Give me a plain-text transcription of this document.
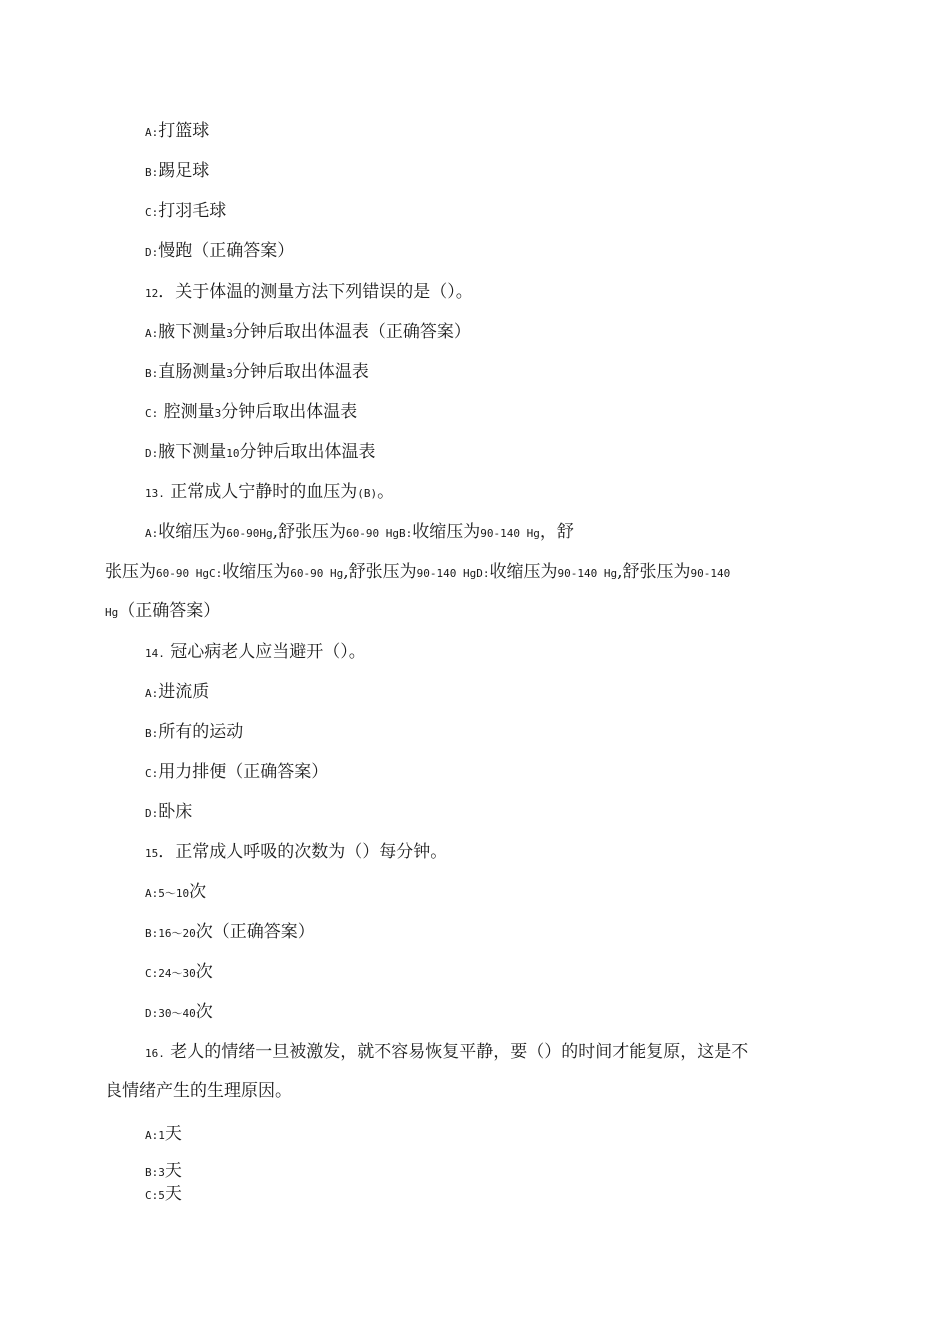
A:打篮球
B:踢足球
C:打羽毛球
D:慢跑（正确答案）
12．关于体温的测量方法下列错误的是（）。
A:腋下测量3分钟后取出体温表（正确答案）
B:直肠测量3分钟后取出体温表
C: 腔测量3分钟后取出体温表
D:腋下测量10分钟后取出体温表
13. 正常成人宁静时的血压为(B)。
A:收缩压为60-90Hg,舒张压为60-90 HgB:收缩压为90-140 Hg，舒
张压为60-90 HgC:收缩压为60-90 Hg,舒张压为90-140 HgD:收缩压为90-140 Hg,舒张压为90-140
Hg（正确答案）
14. 冠心病老人应当避开（）。
A:进流质
B:所有的运动
C:用力排便（正确答案）
D:卧床
15．正常成人呼吸的次数为（）每分钟。
A:5〜10次
B:16〜20次（正确答案）
C:24〜30次
D:30〜40次
16. 老人的情绪一旦被激发，就不容易恢复平静，要（）的时间才能复原，这是不
良情绪产生的生理原因。
A:1天
B:3天
C:5天
